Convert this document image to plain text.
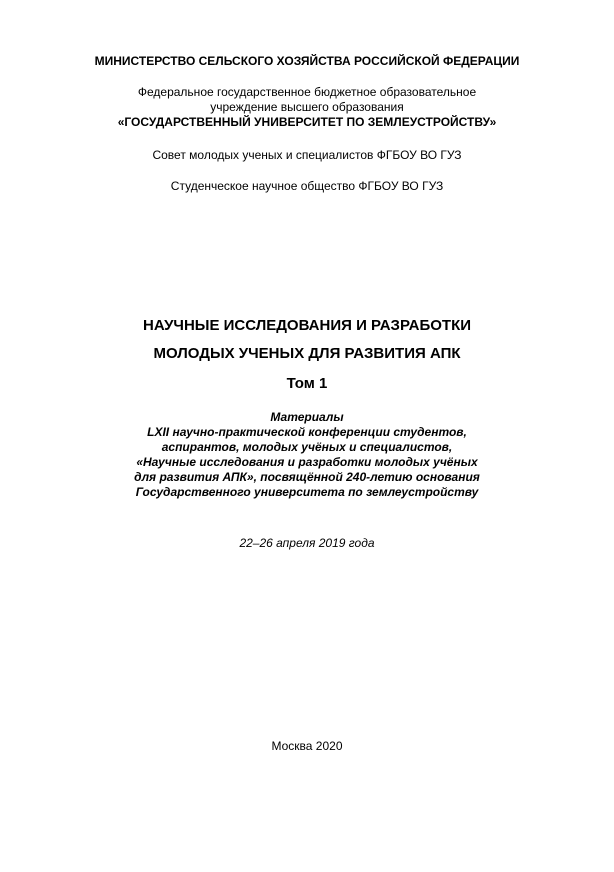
МИНИСТЕРСТВО СЕЛЬСКОГО ХОЗЯЙСТВА РОССИЙСКОЙ ФЕДЕРАЦИИ
Федеральное государственное бюджетное образовательное
учреждение высшего образования
«ГОСУДАРСТВЕННЫЙ УНИВЕРСИТЕТ ПО ЗЕМЛЕУСТРОЙСТВУ»
Совет молодых ученых и специалистов ФГБОУ ВО ГУЗ
Студенческое научное общество ФГБОУ ВО ГУЗ
НАУЧНЫЕ ИССЛЕДОВАНИЯ И РАЗРАБОТКИ
МОЛОДЫХ УЧЕНЫХ ДЛЯ РАЗВИТИЯ АПК
Том 1
Материалы
LXII научно-практической конференции студентов,
аспирантов, молодых учёных и специалистов,
«Научные исследования и разработки молодых учёных
для развития АПК», посвящённой 240-летию основания
Государственного университета по землеустройству
22–26 апреля 2019 года
Москва 2020
